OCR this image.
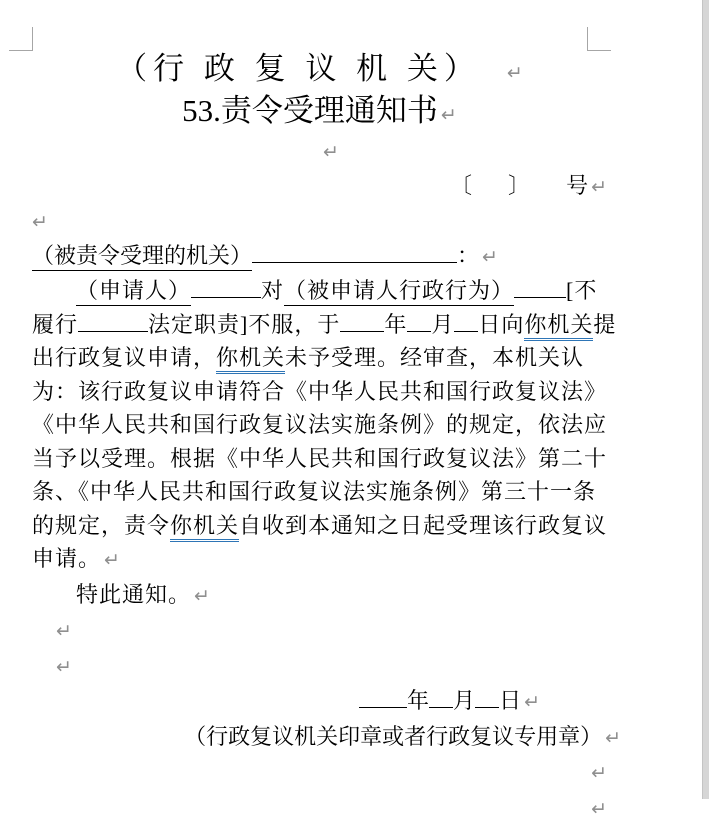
（行 政 复 议 机 关） ↵
53.责令受理通知书 ↵
↵
〔 〕 号 ↵
↵
（被责令受理的机关）	： ↵
（申请人）	对（被申请人行政行为） [不
履行	法定职责]不服，于 年 月 日向你机关提
出行政复议申请，你机关未予受理。经审查，本机关认
为：该行政复议申请符合《中华人民共和国行政复议法》
《中华人民共和国行政复议法实施条例》的规定，依法应
当予以受理。根据《中华人民共和国行政复议法》第二十
条、《中华人民共和国行政复议法实施条例》第三十一条
的规定，责令你机关自收到本通知之日起受理该行政复议
申请。 ↵
特此通知。 ↵
↵
↵
年 月 日 ↵
（行政复议机关印章或者行政复议专用章） ↵
↵
↵
